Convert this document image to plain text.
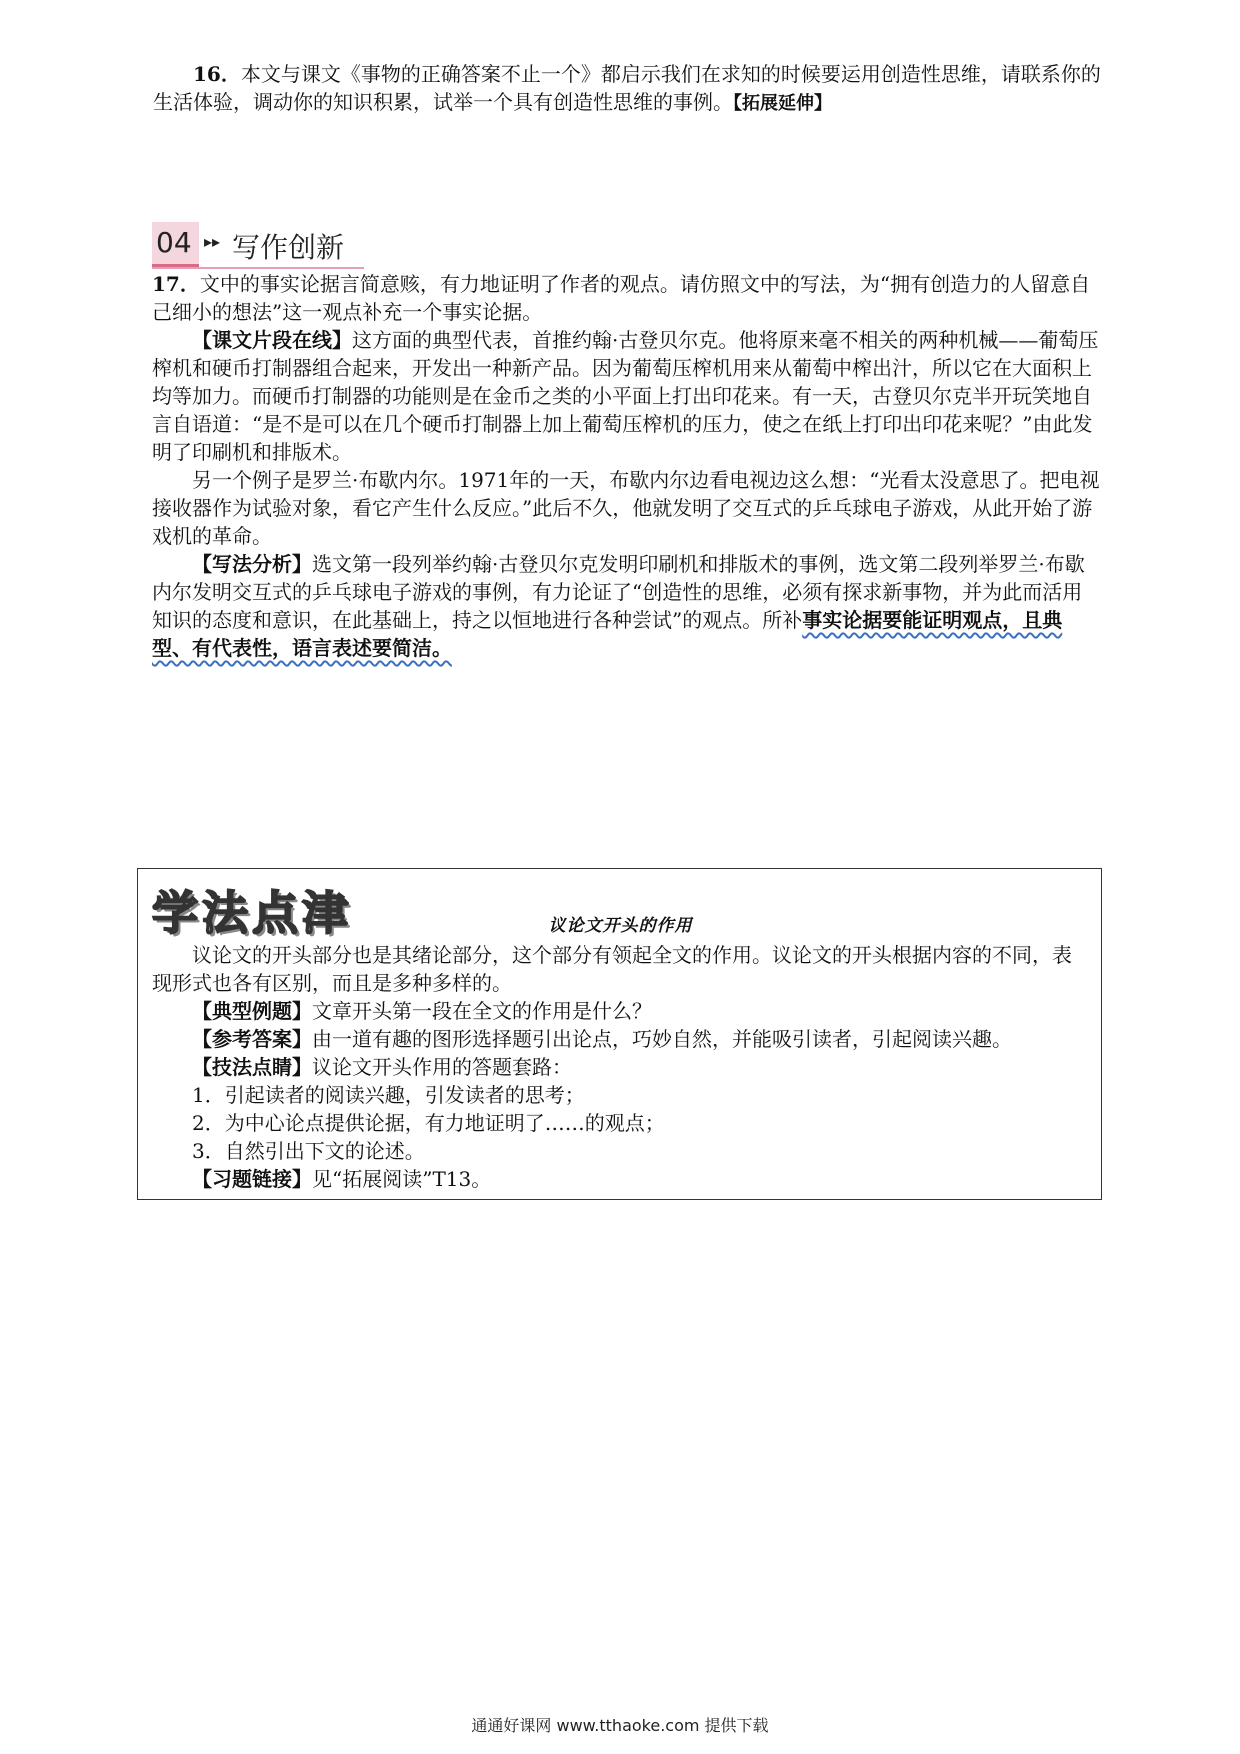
16．本文与课文《事物的正确答案不止一个》都启示我们在求知的时候要运用创造性思维，请联系你的生活体验，调动你的知识积累，试举一个具有创造性思维的事例。【拓展延伸】
04 ▸▸ 写作创新
17．文中的事实论据言简意赅，有力地证明了作者的观点。请仿照文中的写法，为“拥有创造力的人留意自己细小的想法”这一观点补充一个事实论据。
【课文片段在线】这方面的典型代表，首推约翰·古登贝尔克。他将原来毫不相关的两种机械——葡萄压榨机和硬币打制器组合起来，开发出一种新产品。因为葡萄压榨机用来从葡萄中榨出汁，所以它在大面积上均等加力。而硬币打制器的功能则是在金币之类的小平面上打出印花来。有一天，古登贝尔克半开玩笑地自言自语道：“是不是可以在几个硬币打制器上加上葡萄压榨机的压力，使之在纸上打印出印花来呢？”由此发明了印刷机和排版术。
另一个例子是罗兰·布歇内尔。1971年的一天，布歇内尔边看电视边这么想：“光看太没意思了。把电视接收器作为试验对象，看它产生什么反应。”此后不久，他就发明了交互式的乒乓球电子游戏，从此开始了游戏机的革命。
【写法分析】选文第一段列举约翰·古登贝尔克发明印刷机和排版术的事例，选文第二段列举罗兰·布歇内尔发明交互式的乒乓球电子游戏的事例，有力论证了“创造性的思维，必须有探求新事物，并为此而活用知识的态度和意识，在此基础上，持之以恒地进行各种尝试”的观点。所补事实论据要能证明观点，且典型、有代表性，语言表述要简洁。
学法点津	议论文开头的作用
议论文的开头部分也是其绪论部分，这个部分有领起全文的作用。议论文的开头根据内容的不同，表现形式也各有区别，而且是多种多样的。
【典型例题】文章开头第一段在全文的作用是什么？
【参考答案】由一道有趣的图形选择题引出论点，巧妙自然，并能吸引读者，引起阅读兴趣。
【技法点睛】议论文开头作用的答题套路：
1．引起读者的阅读兴趣，引发读者的思考；
2．为中心论点提供论据，有力地证明了……的观点；
3．自然引出下文的论述。
【习题链接】见“拓展阅读”T13。
通通好课网 www.tthaoke.com 提供下载
